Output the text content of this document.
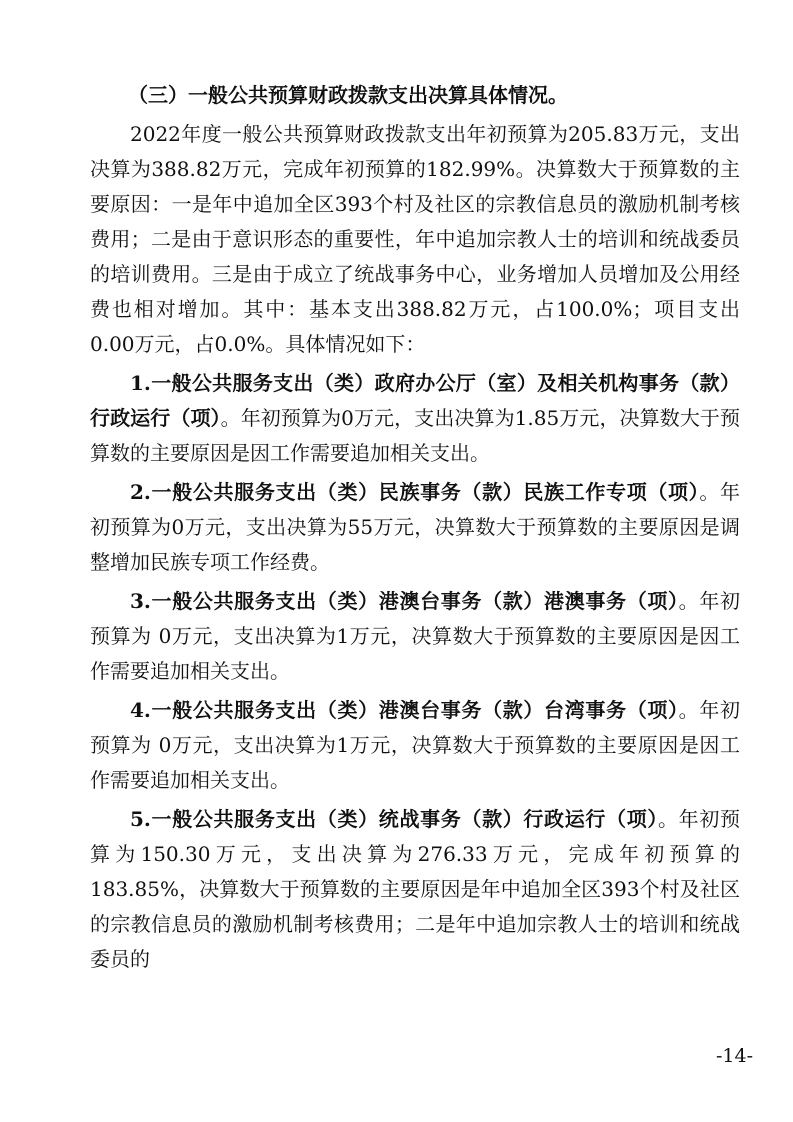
（三）一般公共预算财政拨款支出决算具体情况。

2022年度一般公共预算财政拨款支出年初预算为205.83万元，支出决算为388.82万元，完成年初预算的182.99%。决算数大于预算数的主要原因：一是年中追加全区393个村及社区的宗教信息员的激励机制考核费用；二是由于意识形态的重要性，年中追加宗教人士的培训和统战委员的培训费用。三是由于成立了统战事务中心，业务增加人员增加及公用经费也相对增加。其中：基本支出388.82万元，占100.0%；项目支出0.00万元，占0.0%。具体情况如下：

1.一般公共服务支出（类）政府办公厅（室）及相关机构事务（款）行政运行（项）。年初预算为0万元，支出决算为1.85万元，决算数大于预算数的主要原因是因工作需要追加相关支出。

2.一般公共服务支出（类）民族事务（款）民族工作专项（项）。年初预算为0万元，支出决算为55万元，决算数大于预算数的主要原因是调整增加民族专项工作经费。

3.一般公共服务支出（类）港澳台事务（款）港澳事务（项）。年初预算为 0万元，支出决算为1万元，决算数大于预算数的主要原因是因工作需要追加相关支出。

4.一般公共服务支出（类）港澳台事务（款）台湾事务（项）。年初预算为 0万元，支出决算为1万元，决算数大于预算数的主要原因是因工作需要追加相关支出。

5.一般公共服务支出（类）统战事务（款）行政运行（项）。年初预算为150.30万元，支出决算为276.33万元，完成年初预算的 183.85%，决算数大于预算数的主要原因是年中追加全区393个村及社区的宗教信息员的激励机制考核费用；二是年中追加宗教人士的培训和统战委员的

-14-
